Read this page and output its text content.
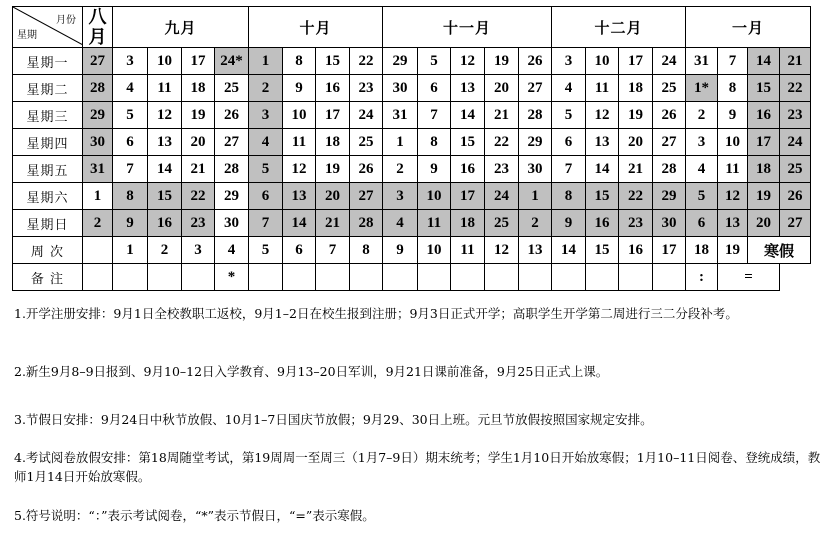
月份
星期	八月	九月				十月				十一月					十二月				一月			
星期一	27	3	10	17	24*	1	8	15	22	29	5	12	19	26	3	10	17	24	31	7	14	21
星期二	28	4	11	18	25	2	9	16	23	30	6	13	20	27	4	11	18	25	1*	8	15	22
星期三	29	5	12	19	26	3	10	17	24	31	7	14	21	28	5	12	19	26	2	9	16	23
星期四	30	6	13	20	27	4	11	18	25	1	8	15	22	29	6	13	20	27	3	10	17	24
星期五	31	7	14	21	28	5	12	19	26	2	9	16	23	30	7	14	21	28	4	11	18	25
星期六	1	8	15	22	29	6	13	20	27	3	10	17	24	1	8	15	22	29	5	12	19	26
星期日	2	9	16	23	30	7	14	21	28	4	11	18	25	2	9	16	23	30	6	13	20	27
周 次		1	2	3	4	5	6	7	8	9	10	11	12	13	14	15	16	17	18	19	寒假	
备 注					*														:	=		

1.开学注册安排：9月1日全校教职工返校，9月1–2日在校生报到注册；9月3日正式开学；高职学生开学第二周进行三二分段补考。

2.新生9月8–9日报到、9月10–12日入学教育、9月13–20日军训，9月21日课前准备，9月25日正式上课。

3.节假日安排：9月24日中秋节放假、10月1–7日国庆节放假；9月29、30日上班。元旦节放假按照国家规定安排。

4.考试阅卷放假安排：第18周随堂考试，第19周周一至周三（1月7–9日）期末统考；学生1月10日开始放寒假；1月10–11日阅卷、登统成绩，教师1月14日开始放寒假。

5.符号说明：“：”表示考试阅卷，“*”表示节假日，“=”表示寒假。
